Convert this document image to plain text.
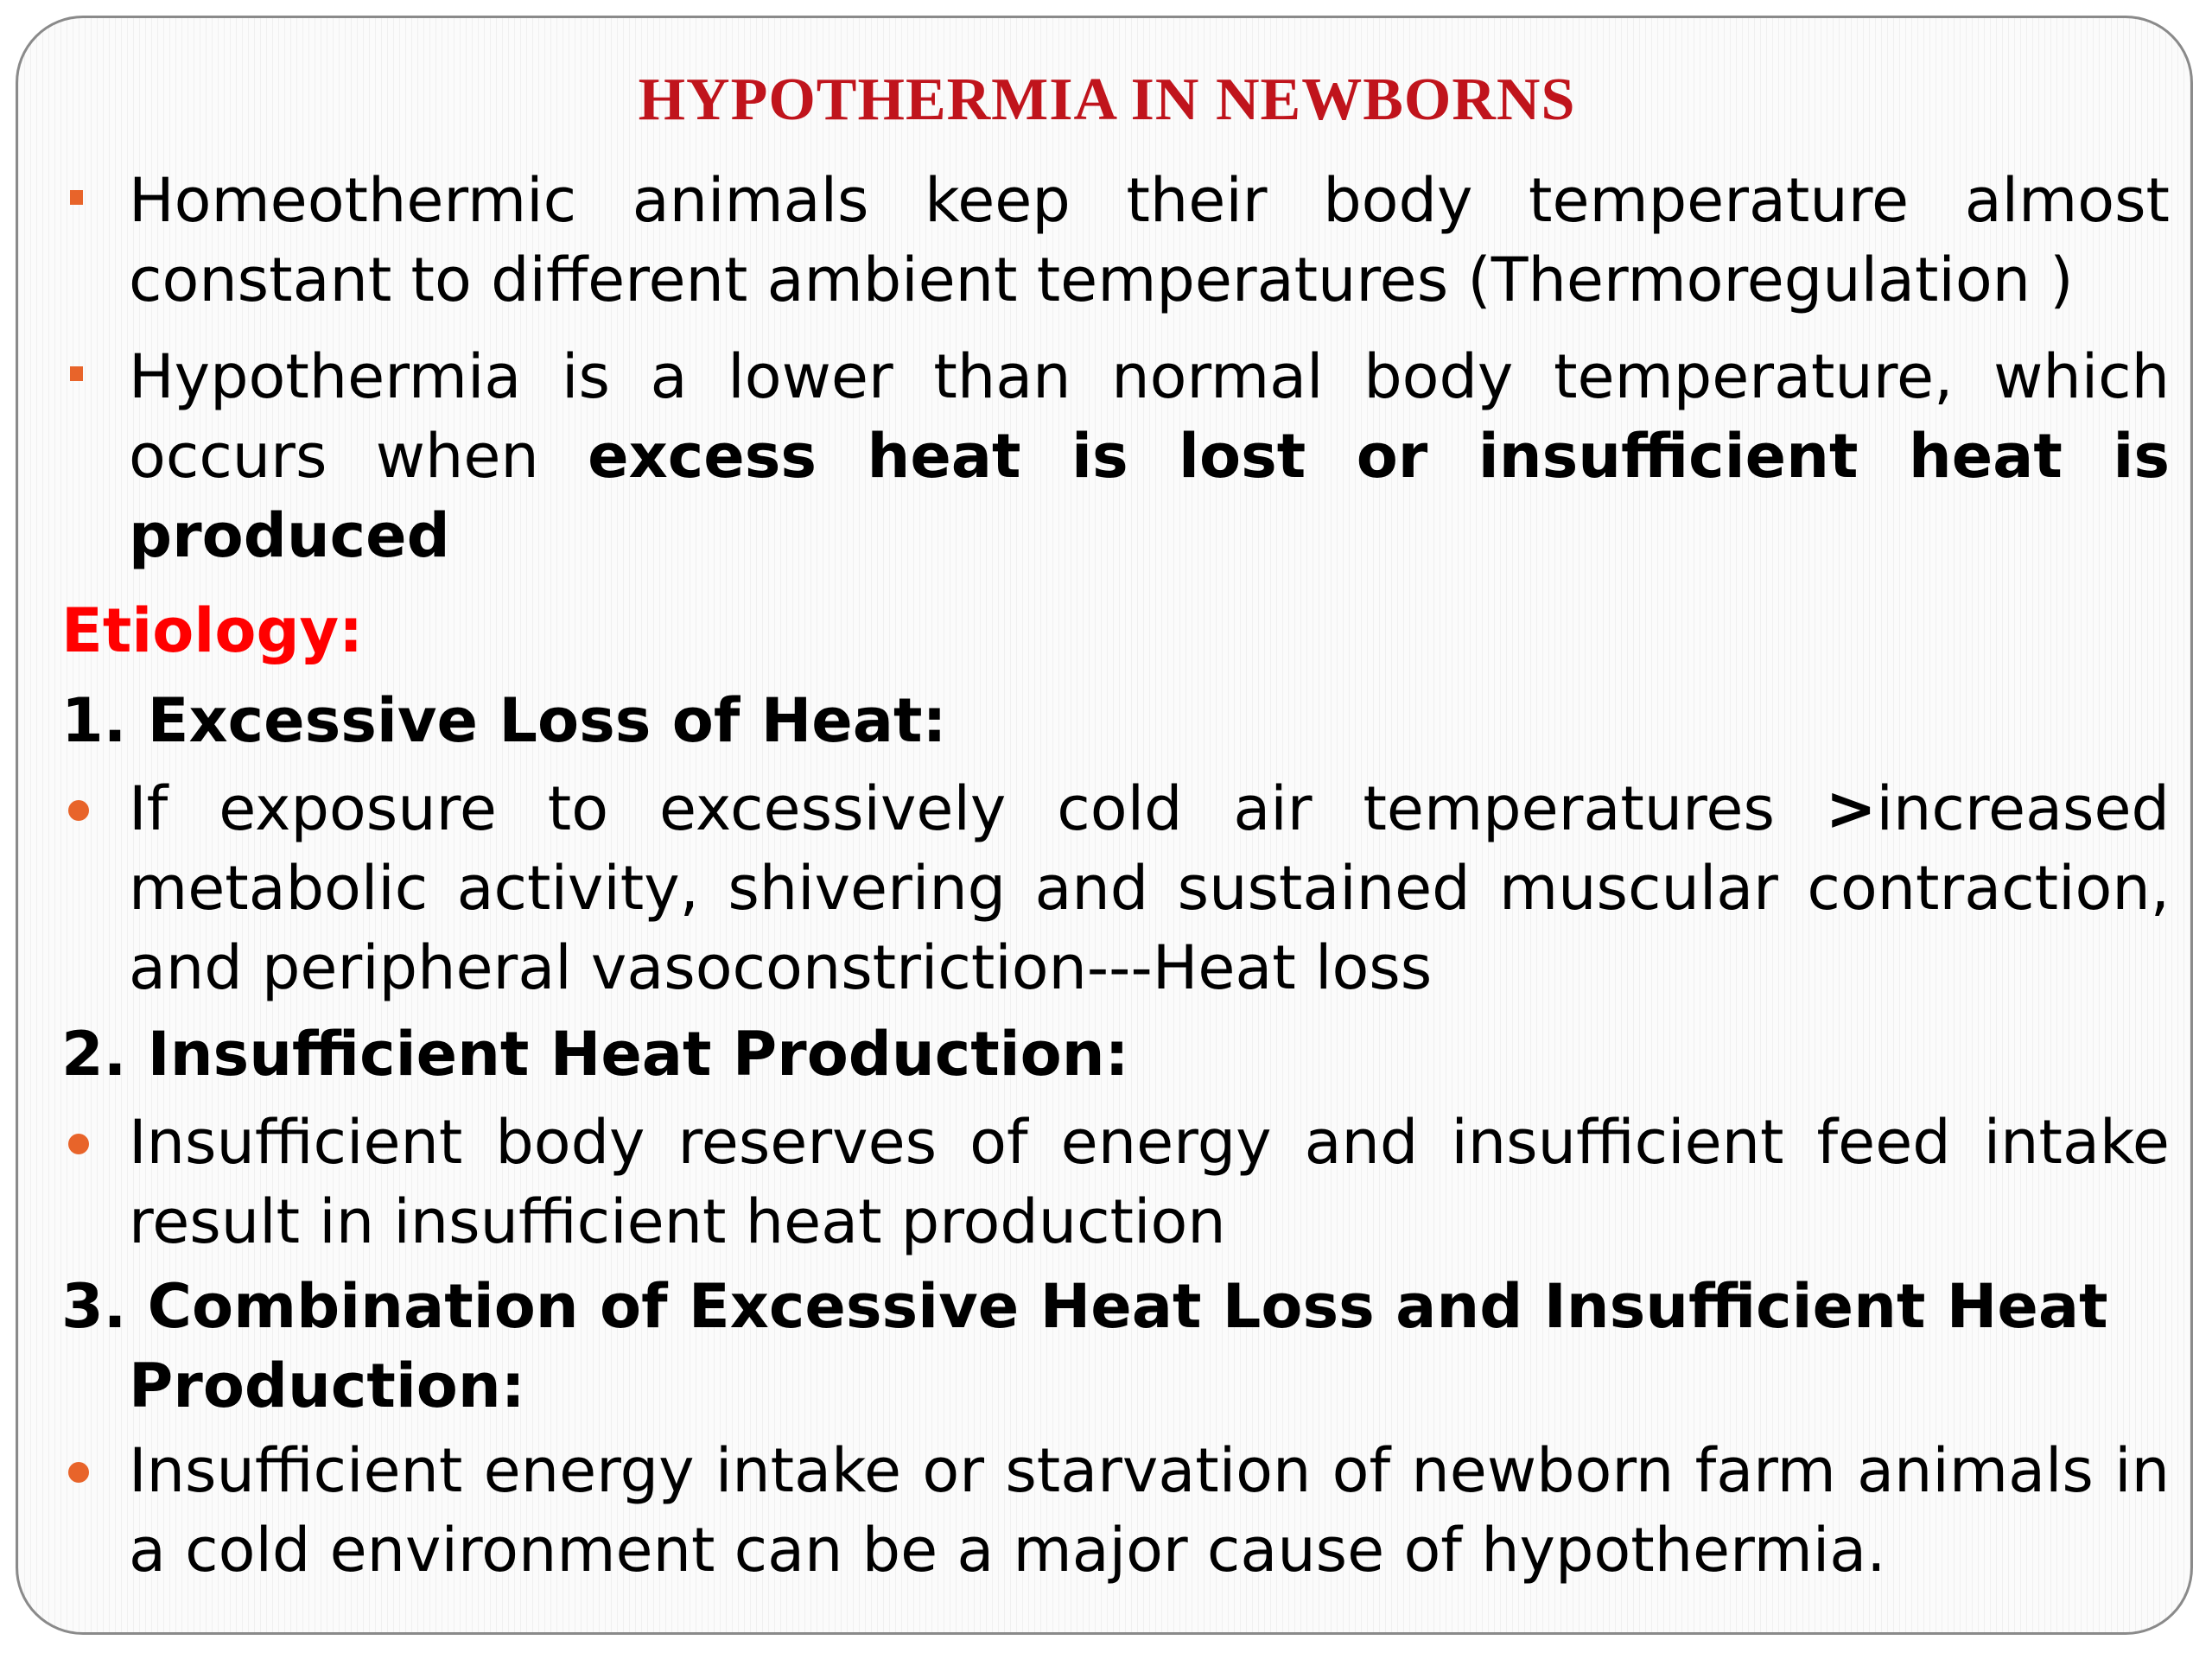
HYPOTHERMIA IN NEWBORNS
Homeothermic animals keep their body temperature almost constant to different ambient temperatures (Thermoregulation )
Hypothermia is a lower than normal body temperature, which occurs when excess heat is lost or insufficient heat is produced
Etiology:
1. Excessive Loss of Heat:
If exposure to excessively cold air temperatures >increased metabolic activity, shivering and sustained muscular contraction, and peripheral vasoconstriction---Heat loss
2. Insufficient Heat Production:
Insufficient body reserves of energy and insufficient feed intake result in insufficient heat production
3. Combination of Excessive Heat Loss and Insufficient Heat
Production:
Insufficient energy intake or starvation of newborn farm animals in a cold environment can be a major cause of hypothermia.
